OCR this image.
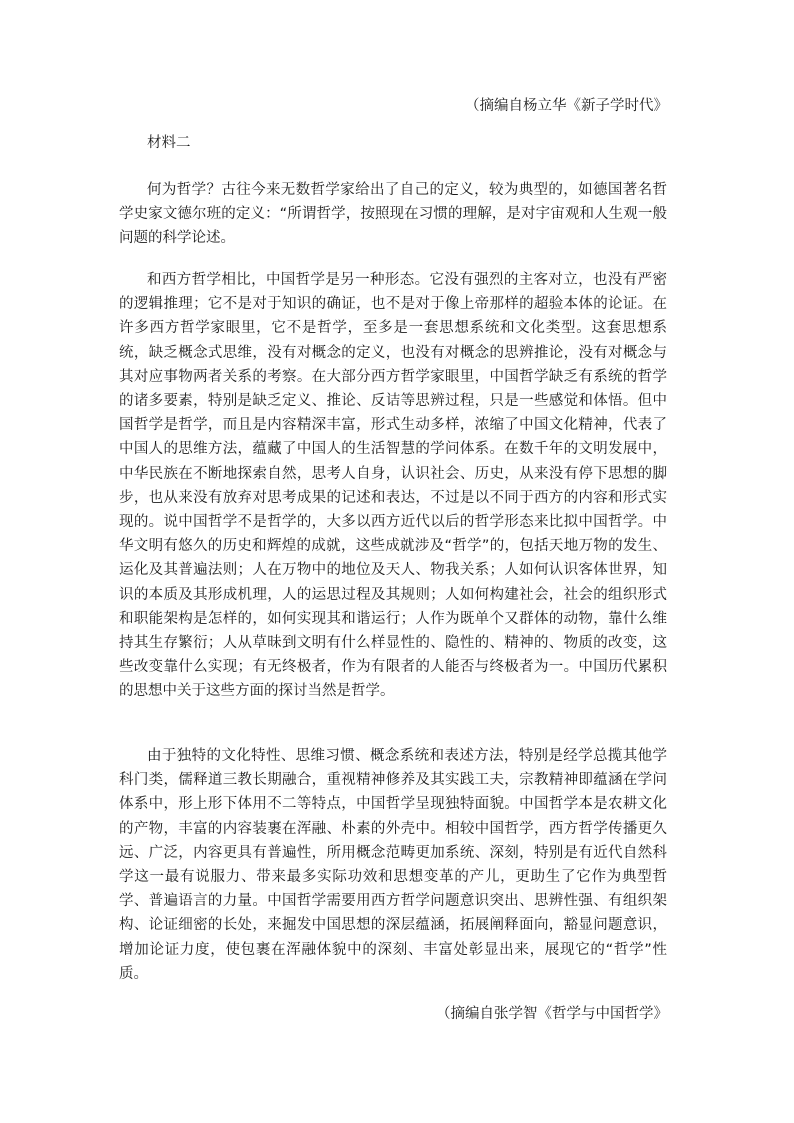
（摘编自杨立华《新子学时代》
材料二

何为哲学？古往今来无数哲学家给出了自己的定义，较为典型的，如德国著名哲学史家文德尔班的定义：“所谓哲学，按照现在习惯的理解，是对宇宙观和人生观一般问题的科学论述。

和西方哲学相比，中国哲学是另一种形态。它没有强烈的主客对立，也没有严密的逻辑推理；它不是对于知识的确证，也不是对于像上帝那样的超验本体的论证。在许多西方哲学家眼里，它不是哲学，至多是一套思想系统和文化类型。这套思想系统，缺乏概念式思维，没有对概念的定义，也没有对概念的思辨推论，没有对概念与其对应事物两者关系的考察。在大部分西方哲学家眼里，中国哲学缺乏有系统的哲学的诸多要素，特别是缺乏定义、推论、反诘等思辨过程，只是一些感觉和体悟。但中国哲学是哲学，而且是内容精深丰富，形式生动多样，浓缩了中国文化精神，代表了中国人的思维方法，蕴藏了中国人的生活智慧的学问体系。在数千年的文明发展中，中华民族在不断地探索自然，思考人自身，认识社会、历史，从来没有停下思想的脚步，也从来没有放弃对思考成果的记述和表达，不过是以不同于西方的内容和形式实现的。说中国哲学不是哲学的，大多以西方近代以后的哲学形态来比拟中国哲学。中华文明有悠久的历史和辉煌的成就，这些成就涉及“哲学”的，包括天地万物的发生、运化及其普遍法则；人在万物中的地位及天人、物我关系；人如何认识客体世界，知识的本质及其形成机理，人的运思过程及其规则；人如何构建社会，社会的组织形式和职能架构是怎样的，如何实现其和谐运行；人作为既单个又群体的动物，靠什么维持其生存繁衍；人从草昧到文明有什么样显性的、隐性的、精神的、物质的改变，这些改变靠什么实现；有无终极者，作为有限者的人能否与终极者为一。中国历代累积的思想中关于这些方面的探讨当然是哲学。

由于独特的文化特性、思维习惯、概念系统和表述方法，特别是经学总揽其他学科门类，儒释道三教长期融合，重视精神修养及其实践工夫，宗教精神即蕴涵在学问体系中，形上形下体用不二等特点，中国哲学呈现独特面貌。中国哲学本是农耕文化的产物，丰富的内容装裹在浑融、朴素的外壳中。相较中国哲学，西方哲学传播更久远、广泛，内容更具有普遍性，所用概念范畴更加系统、深刻，特别是有近代自然科学这一最有说服力、带来最多实际功效和思想变革的产儿，更助生了它作为典型哲学、普遍语言的力量。中国哲学需要用西方哲学问题意识突出、思辨性强、有组织架构、论证细密的长处，来掘发中国思想的深层蕴涵，拓展阐释面向，豁显问题意识，增加论证力度，使包裹在浑融体貌中的深刻、丰富处彰显出来，展现它的“哲学”性质。

（摘编自张学智《哲学与中国哲学》
